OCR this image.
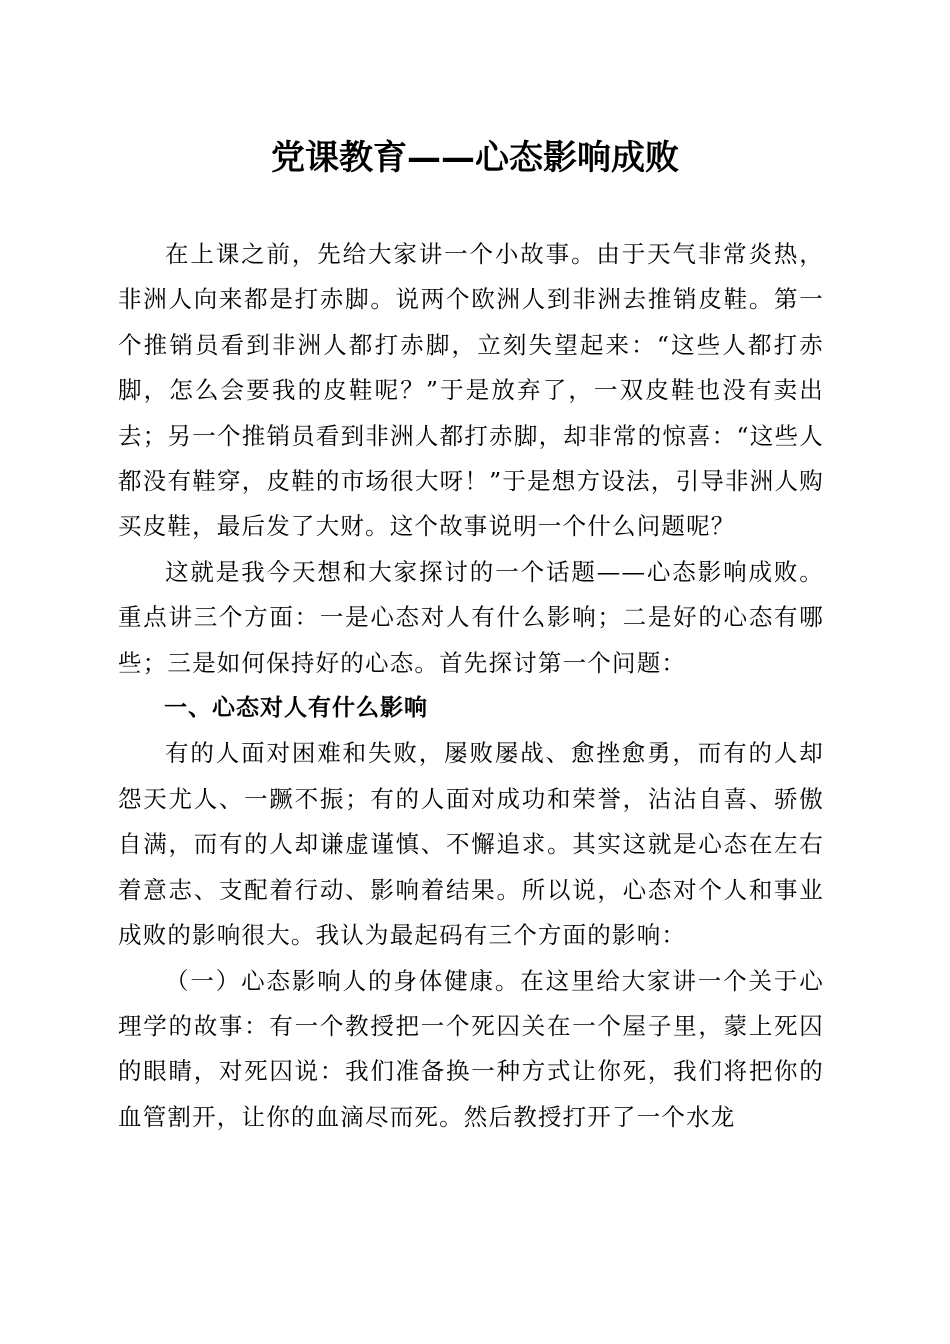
党课教育——心态影响成败

在上课之前，先给大家讲一个小故事。由于天气非常炎热，非洲人向来都是打赤脚。说两个欧洲人到非洲去推销皮鞋。第一个推销员看到非洲人都打赤脚，立刻失望起来：“这些人都打赤脚，怎么会要我的皮鞋呢？”于是放弃了，一双皮鞋也没有卖出去；另一个推销员看到非洲人都打赤脚，却非常的惊喜：“这些人都没有鞋穿，皮鞋的市场很大呀！”于是想方设法，引导非洲人购买皮鞋，最后发了大财。这个故事说明一个什么问题呢？

这就是我今天想和大家探讨的一个话题——心态影响成败。重点讲三个方面：一是心态对人有什么影响；二是好的心态有哪些；三是如何保持好的心态。首先探讨第一个问题：

一、心态对人有什么影响

有的人面对困难和失败，屡败屡战、愈挫愈勇，而有的人却怨天尤人、一蹶不振；有的人面对成功和荣誉，沾沾自喜、骄傲自满，而有的人却谦虚谨慎、不懈追求。其实这就是心态在左右着意志、支配着行动、影响着结果。所以说，心态对个人和事业成败的影响很大。我认为最起码有三个方面的影响：

（一）心态影响人的身体健康。在这里给大家讲一个关于心理学的故事：有一个教授把一个死囚关在一个屋子里，蒙上死囚的眼睛，对死囚说：我们准备换一种方式让你死，我们将把你的血管割开，让你的血滴尽而死。然后教授打开了一个水龙
